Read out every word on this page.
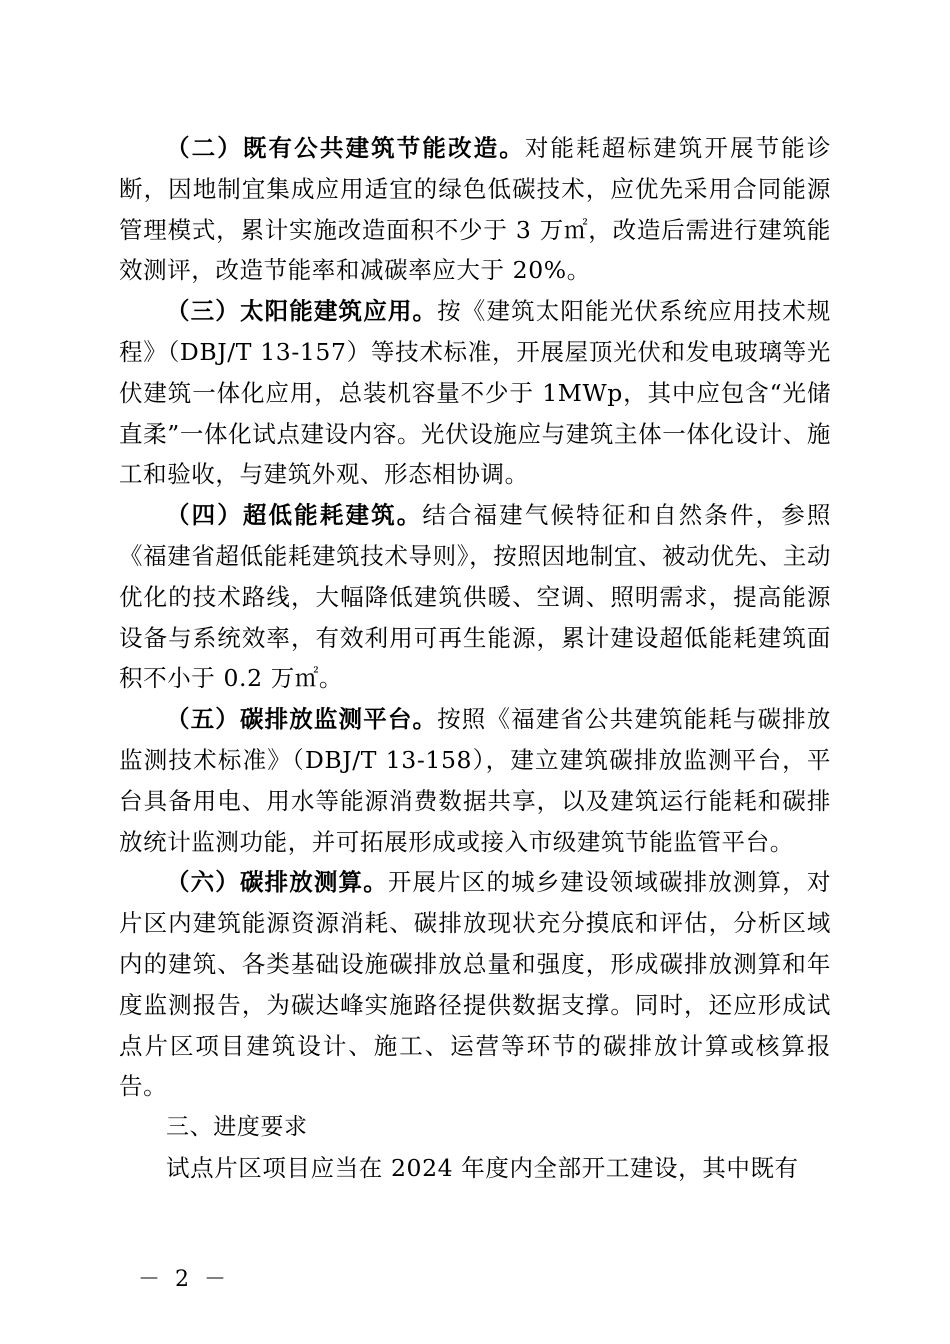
（二）既有公共建筑节能改造。对能耗超标建筑开展节能诊断，因地制宜集成应用适宜的绿色低碳技术，应优先采用合同能源管理模式，累计实施改造面积不少于 3 万㎡，改造后需进行建筑能效测评，改造节能率和减碳率应大于 20%。

（三）太阳能建筑应用。按《建筑太阳能光伏系统应用技术规程》（DBJ/T 13-157）等技术标准，开展屋顶光伏和发电玻璃等光伏建筑一体化应用，总装机容量不少于 1MWp，其中应包含“光储直柔”一体化试点建设内容。光伏设施应与建筑主体一体化设计、施工和验收，与建筑外观、形态相协调。

（四）超低能耗建筑。结合福建气候特征和自然条件，参照《福建省超低能耗建筑技术导则》，按照因地制宜、被动优先、主动优化的技术路线，大幅降低建筑供暖、空调、照明需求，提高能源设备与系统效率，有效利用可再生能源，累计建设超低能耗建筑面积不小于 0.2 万㎡。

（五）碳排放监测平台。按照《福建省公共建筑能耗与碳排放监测技术标准》（DBJ/T 13-158），建立建筑碳排放监测平台，平台具备用电、用水等能源消费数据共享，以及建筑运行能耗和碳排放统计监测功能，并可拓展形成或接入市级建筑节能监管平台。

（六）碳排放测算。开展片区的城乡建设领域碳排放测算，对片区内建筑能源资源消耗、碳排放现状充分摸底和评估，分析区域内的建筑、各类基础设施碳排放总量和强度，形成碳排放测算和年度监测报告，为碳达峰实施路径提供数据支撑。同时，还应形成试点片区项目建筑设计、施工、运营等环节的碳排放计算或核算报告。

三、进度要求

试点片区项目应当在 2024 年度内全部开工建设，其中既有

－ 2 －
